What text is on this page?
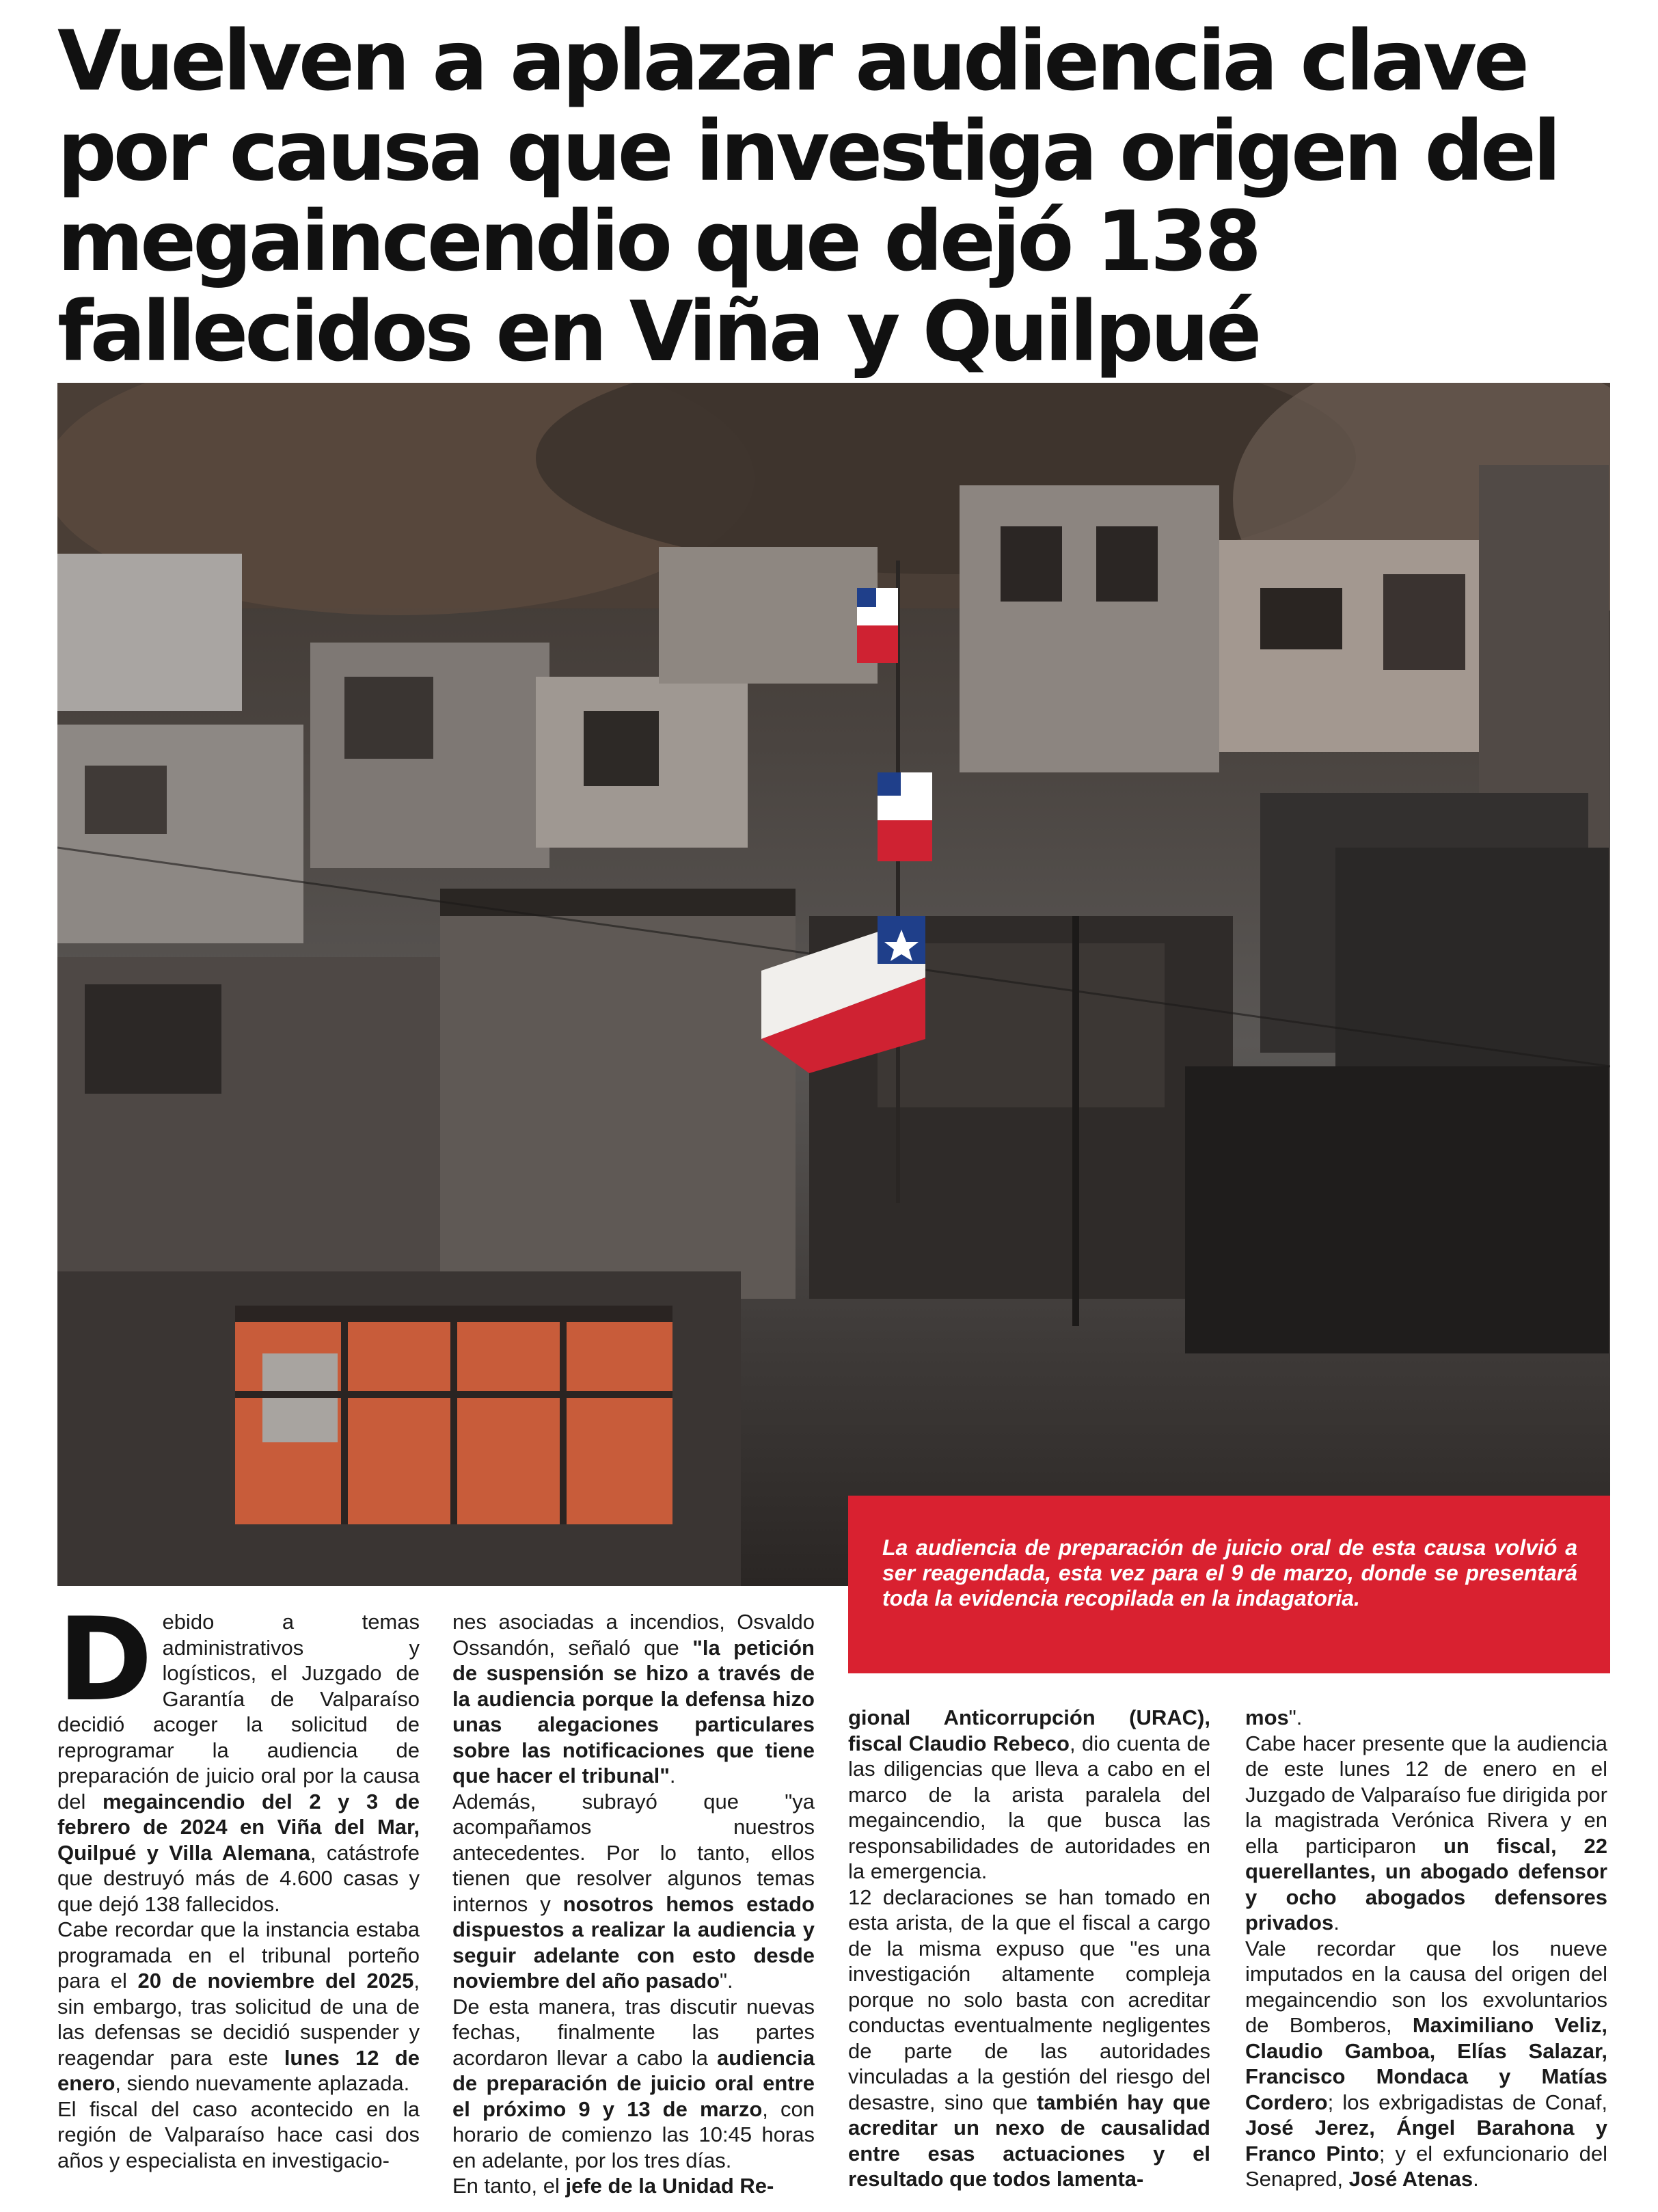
Vuelven a aplazar audiencia clave por causa que investiga origen del megaincendio que dejó 138 fallecidos en Viña y Quilpué

La audiencia de preparación de juicio oral de esta causa volvió a ser reagendada, esta vez para el 9 de marzo, donde se presentará toda la evidencia recopilada en la indagatoria.

Debido a temas administrativos y logísticos, el Juzgado de Garantía de Valparaíso decidió acoger la solicitud de reprogramar la audiencia de preparación de juicio oral por la causa del megaincendio del 2 y 3 de febrero de 2024 en Viña del Mar, Quilpué y Villa Alemana, catástrofe que destruyó más de 4.600 casas y que dejó 138 fallecidos.

Cabe recordar que la instancia estaba programada en el tribunal porteño para el 20 de noviembre del 2025, sin embargo, tras solicitud de una de las defensas se decidió suspender y reagendar para este lunes 12 de enero, siendo nuevamente aplazada.

El fiscal del caso acontecido en la región de Valparaíso hace casi dos años y especialista en investigacio-

nes asociadas a incendios, Osvaldo Ossandón, señaló que "la petición de suspensión se hizo a través de la audiencia porque la defensa hizo unas alegaciones particulares sobre las notificaciones que tiene que hacer el tribunal".

Además, subrayó que "ya acompañamos nuestros antecedentes. Por lo tanto, ellos tienen que resolver algunos temas internos y nosotros hemos estado dispuestos a realizar la audiencia y seguir adelante con esto desde noviembre del año pasado".

De esta manera, tras discutir nuevas fechas, finalmente las partes acordaron llevar a cabo la audiencia de preparación de juicio oral entre el próximo 9 y 13 de marzo, con horario de comienzo las 10:45 horas en adelante, por los tres días.

En tanto, el jefe de la Unidad Re-

gional Anticorrupción (URAC), fiscal Claudio Rebeco, dio cuenta de las diligencias que lleva a cabo en el marco de la arista paralela del megaincendio, la que busca las responsabilidades de autoridades en la emergencia.

12 declaraciones se han tomado en esta arista, de la que el fiscal a cargo de la misma expuso que "es una investigación altamente compleja porque no solo basta con acreditar conductas eventualmente negligentes de parte de las autoridades vinculadas a la gestión del riesgo del desastre, sino que también hay que acreditar un nexo de causalidad entre esas actuaciones y el resultado que todos lamenta-

mos".

Cabe hacer presente que la audiencia de este lunes 12 de enero en el Juzgado de Valparaíso fue dirigida por la magistrada Verónica Rivera y en ella participaron un fiscal, 22 querellantes, un abogado defensor y ocho abogados defensores privados.

Vale recordar que los nueve imputados en la causa del origen del megaincendio son los exvoluntarios de Bomberos, Maximiliano Veliz, Claudio Gamboa, Elías Salazar, Francisco Mondaca y Matías Cordero; los exbrigadistas de Conaf, José Jerez, Ángel Barahona y Franco Pinto; y el exfuncionario del Senapred, José Atenas.
